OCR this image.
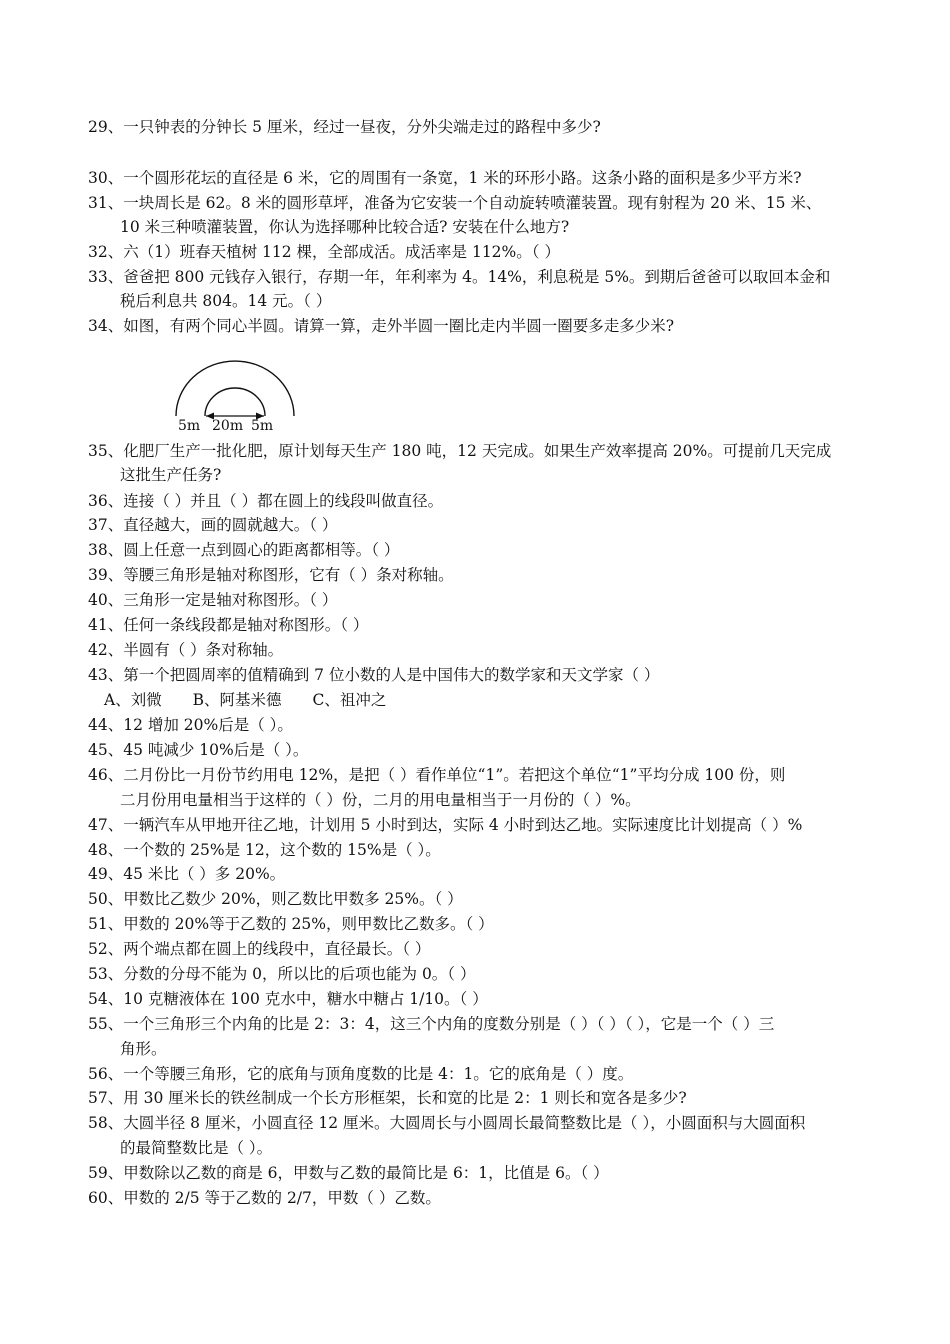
29、一只钟表的分钟长 5 厘米，经过一昼夜，分外尖端走过的路程中多少?
30、一个圆形花坛的直径是 6 米，它的周围有一条宽，1 米的环形小路。这条小路的面积是多少平方米?
31、一块周长是 62。8 米的圆形草坪，准备为它安装一个自动旋转喷灌装置。现有射程为 20 米、15 米、
10 米三种喷灌装置，你认为选择哪种比较合适? 安装在什么地方?
32、六（1）班春天植树 112 棵，全部成活。成活率是 112%。（ ）
33、爸爸把 800 元钱存入银行，存期一年，年利率为 4。14%，利息税是 5%。到期后爸爸可以取回本金和
税后利息共 804。14 元。（ ）
34、如图，有两个同心半圆。请算一算，走外半圆一圈比走内半圆一圈要多走多少米?
5m 20m 5m
35、化肥厂生产一批化肥，原计划每天生产 180 吨，12 天完成。如果生产效率提高 20%。可提前几天完成
这批生产任务?
36、连接（ ）并且（ ）都在圆上的线段叫做直径。
37、直径越大，画的圆就越大。（ ）
38、圆上任意一点到圆心的距离都相等。（ ）
39、等腰三角形是轴对称图形，它有（ ）条对称轴。
40、三角形一定是轴对称图形。（ ）
41、任何一条线段都是轴对称图形。（ ）
42、半圆有（ ）条对称轴。
43、第一个把圆周率的值精确到 7 位小数的人是中国伟大的数学家和天文学家（ ）
A、刘微 B、阿基米德 C、祖冲之
44、12 增加 20%后是（ ）。
45、45 吨减少 10%后是（ ）。
46、二月份比一月份节约用电 12%，是把（ ）看作单位“1”。若把这个单位“1”平均分成 100 份，则
二月份用电量相当于这样的（ ）份，二月的用电量相当于一月份的（ ）%。
47、一辆汽车从甲地开往乙地，计划用 5 小时到达，实际 4 小时到达乙地。实际速度比计划提高（ ）%
48、一个数的 25%是 12，这个数的 15%是（ ）。
49、45 米比（ ）多 20%。
50、甲数比乙数少 20%，则乙数比甲数多 25%。（ ）
51、甲数的 20%等于乙数的 25%，则甲数比乙数多。（ ）
52、两个端点都在圆上的线段中，直径最长。（ ）
53、分数的分母不能为 0，所以比的后项也能为 0。（ ）
54、10 克糖液体在 100 克水中，糖水中糖占 1/10。（ ）
55、一个三角形三个内角的比是 2：3：4，这三个内角的度数分别是（ ）（ ）（ ），它是一个（ ）三
角形。
56、一个等腰三角形，它的底角与顶角度数的比是 4：1。它的底角是（ ）度。
57、用 30 厘米长的铁丝制成一个长方形框架，长和宽的比是 2：1 则长和宽各是多少?
58、大圆半径 8 厘米，小圆直径 12 厘米。大圆周长与小圆周长最简整数比是（ ），小圆面积与大圆面积
的最简整数比是（ ）。
59、甲数除以乙数的商是 6，甲数与乙数的最简比是 6：1，比值是 6。（ ）
60、甲数的 2/5 等于乙数的 2/7，甲数（ ）乙数。
